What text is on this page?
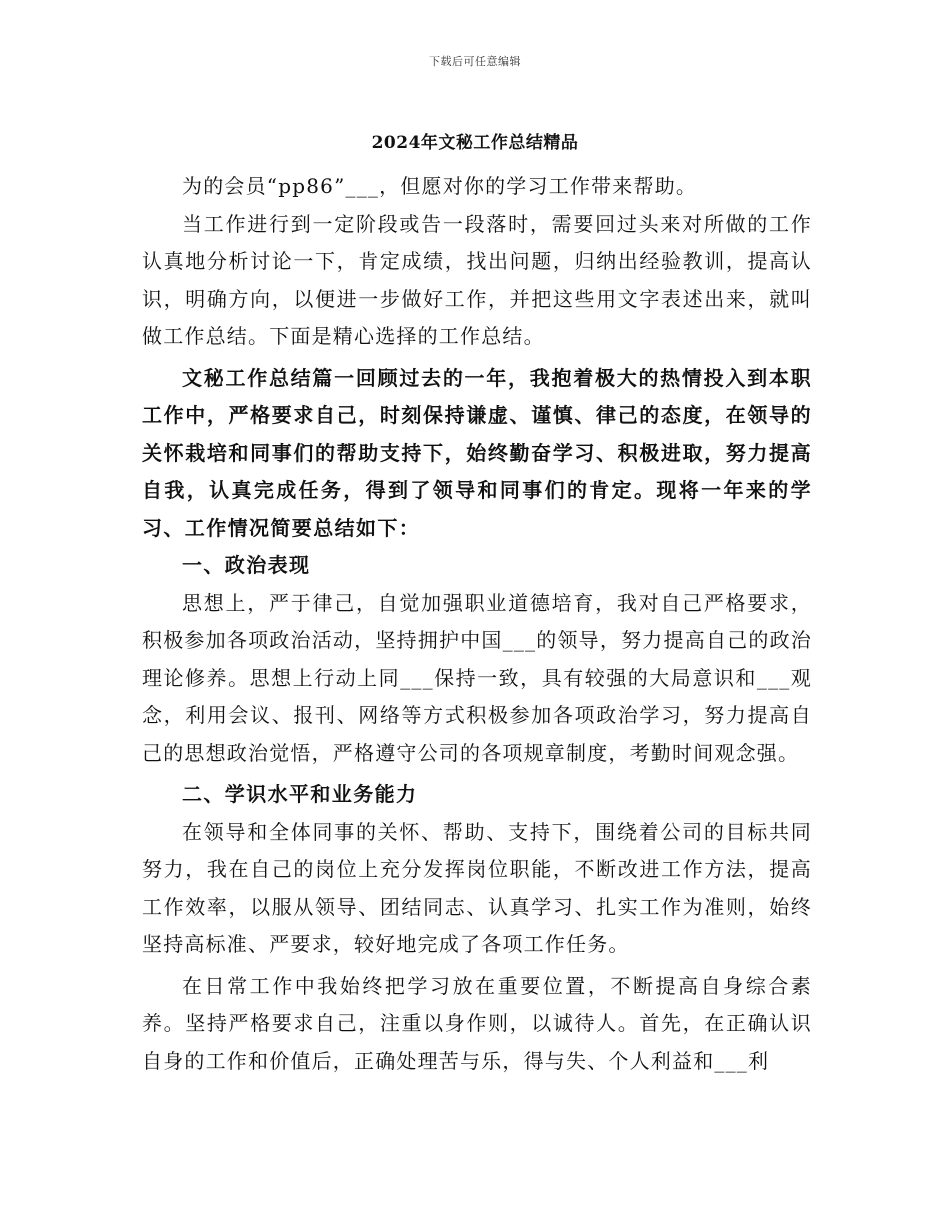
下载后可任意编辑
2024年文秘工作总结精品

为的会员“pp86”___，但愿对你的学习工作带来帮助。

当工作进行到一定阶段或告一段落时，需要回过头来对所做的工作认真地分析讨论一下，肯定成绩，找出问题，归纳出经验教训，提高认识，明确方向，以便进一步做好工作，并把这些用文字表述出来，就叫做工作总结。下面是精心选择的工作总结。

文秘工作总结篇一回顾过去的一年，我抱着极大的热情投入到本职工作中，严格要求自己，时刻保持谦虚、谨慎、律己的态度，在领导的关怀栽培和同事们的帮助支持下，始终勤奋学习、积极进取，努力提高自我，认真完成任务，得到了领导和同事们的肯定。现将一年来的学习、工作情况简要总结如下：

一、政治表现

思想上，严于律己，自觉加强职业道德培育，我对自己严格要求，积极参加各项政治活动，坚持拥护中国___的领导，努力提高自己的政治理论修养。思想上行动上同___保持一致，具有较强的大局意识和___观念，利用会议、报刊、网络等方式积极参加各项政治学习，努力提高自己的思想政治觉悟，严格遵守公司的各项规章制度，考勤时间观念强。

二、学识水平和业务能力

在领导和全体同事的关怀、帮助、支持下，围绕着公司的目标共同努力，我在自己的岗位上充分发挥岗位职能，不断改进工作方法，提高工作效率，以服从领导、团结同志、认真学习、扎实工作为准则，始终坚持高标准、严要求，较好地完成了各项工作任务。

在日常工作中我始终把学习放在重要位置，不断提高自身综合素养。坚持严格要求自己，注重以身作则，以诚待人。首先，在正确认识自身的工作和价值后，正确处理苦与乐，得与失、个人利益和___利
